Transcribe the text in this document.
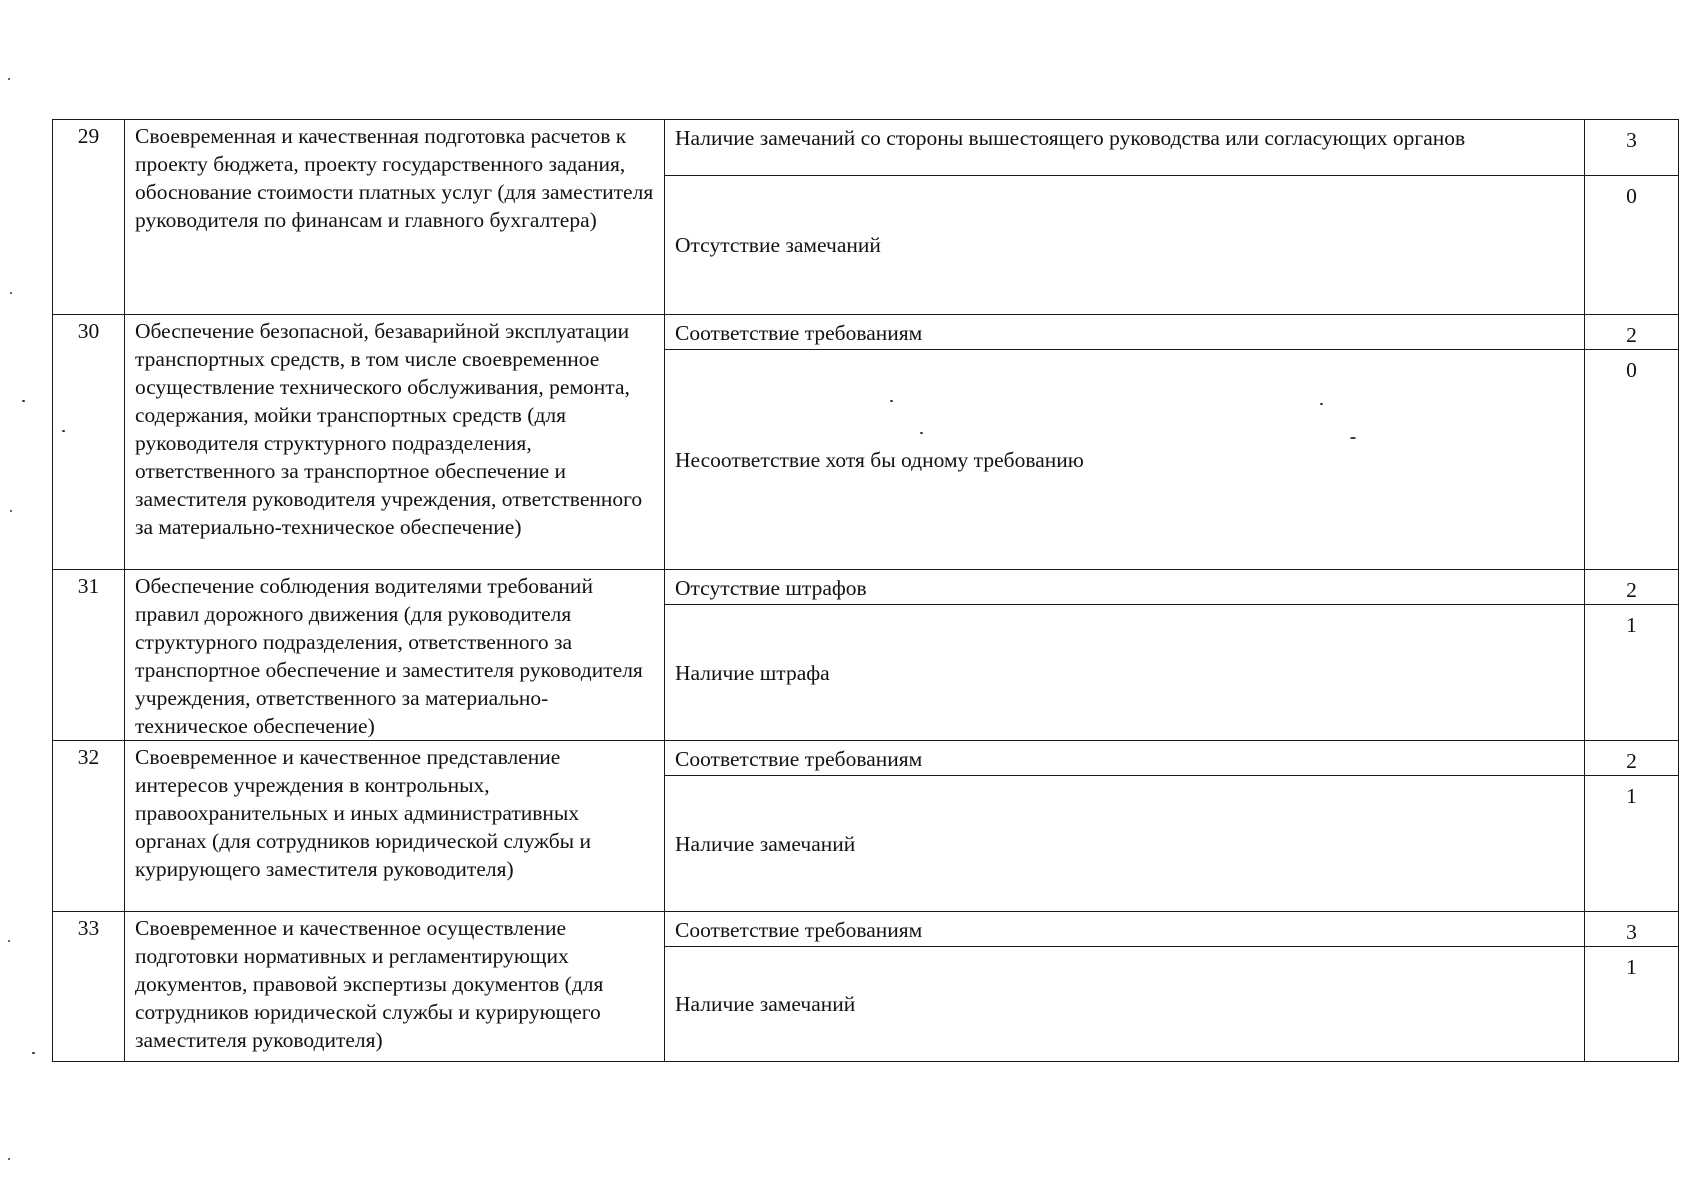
29	Своевременная и качественная подготовка расчетов к проекту бюджета, проекту государственного задания, обоснование стоимости платных услуг (для заместителя руководителя по финансам и главного бухгалтера)	Наличие замечаний со стороны вышестоящего руководства или согласующих органов	3
		Отсутствие замечаний	0
30	Обеспечение безопасной, безаварийной эксплуатации транспортных средств, в том числе своевременное осуществление технического обслуживания, ремонта, содержания, мойки транспортных средств (для руководителя структурного подразделения, ответственного за транспортное обеспечение и заместителя руководителя учреждения, ответственного за материально-техническое обеспечение)	Соответствие требованиям	2
		Несоответствие хотя бы одному требованию	0
31	Обеспечение соблюдения водителями требований правил дорожного движения (для руководителя структурного подразделения, ответственного за транспортное обеспечение и заместителя руководителя учреждения, ответственного за материально-техническое обеспечение)	Отсутствие штрафов	2
		Наличие штрафа	1
32	Своевременное и качественное представление интересов учреждения в контрольных, правоохранительных и иных административных органах (для сотрудников юридической службы и курирующего заместителя руководителя)	Соответствие требованиям	2
		Наличие замечаний	1
33	Своевременное и качественное осуществление подготовки нормативных и регламентирующих документов, правовой экспертизы документов (для сотрудников юридической службы и курирующего заместителя руководителя)	Соответствие требованиям	3
		Наличие замечаний	1
